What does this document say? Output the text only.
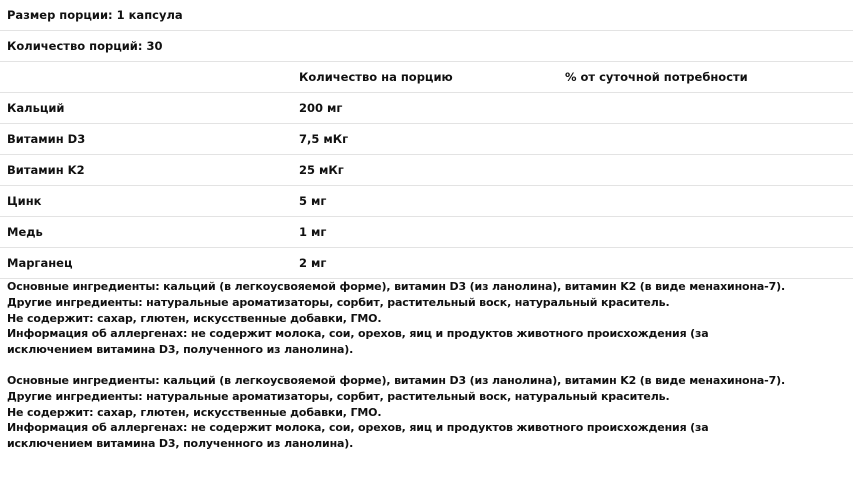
Размер порции: 1 капсула		
Количество порций: 30		
	Количество на порцию	% от суточной потребности
Кальций	200 мг	
Витамин D3	7,5 мКг	
Витамин K2	25 мКг	
Цинк	5 мг	
Медь	1 мг	
Марганец	2 мг	

Основные ингредиенты: кальций (в легкоусвояемой форме), витамин D3 (из ланолина), витамин K2 (в виде менахинона-7).

Другие ингредиенты: натуральные ароматизаторы, сорбит, растительный воск, натуральный краситель.

Не содержит: сахар, глютен, искусственные добавки, ГМО.

Информация об аллергенах: не содержит молока, сои, орехов, яиц и продуктов животного происхождения (за

исключением витамина D3, полученного из ланолина).

Основные ингредиенты: кальций (в легкоусвояемой форме), витамин D3 (из ланолина), витамин K2 (в виде менахинона-7).

Другие ингредиенты: натуральные ароматизаторы, сорбит, растительный воск, натуральный краситель.

Не содержит: сахар, глютен, искусственные добавки, ГМО.

Информация об аллергенах: не содержит молока, сои, орехов, яиц и продуктов животного происхождения (за

исключением витамина D3, полученного из ланолина).
